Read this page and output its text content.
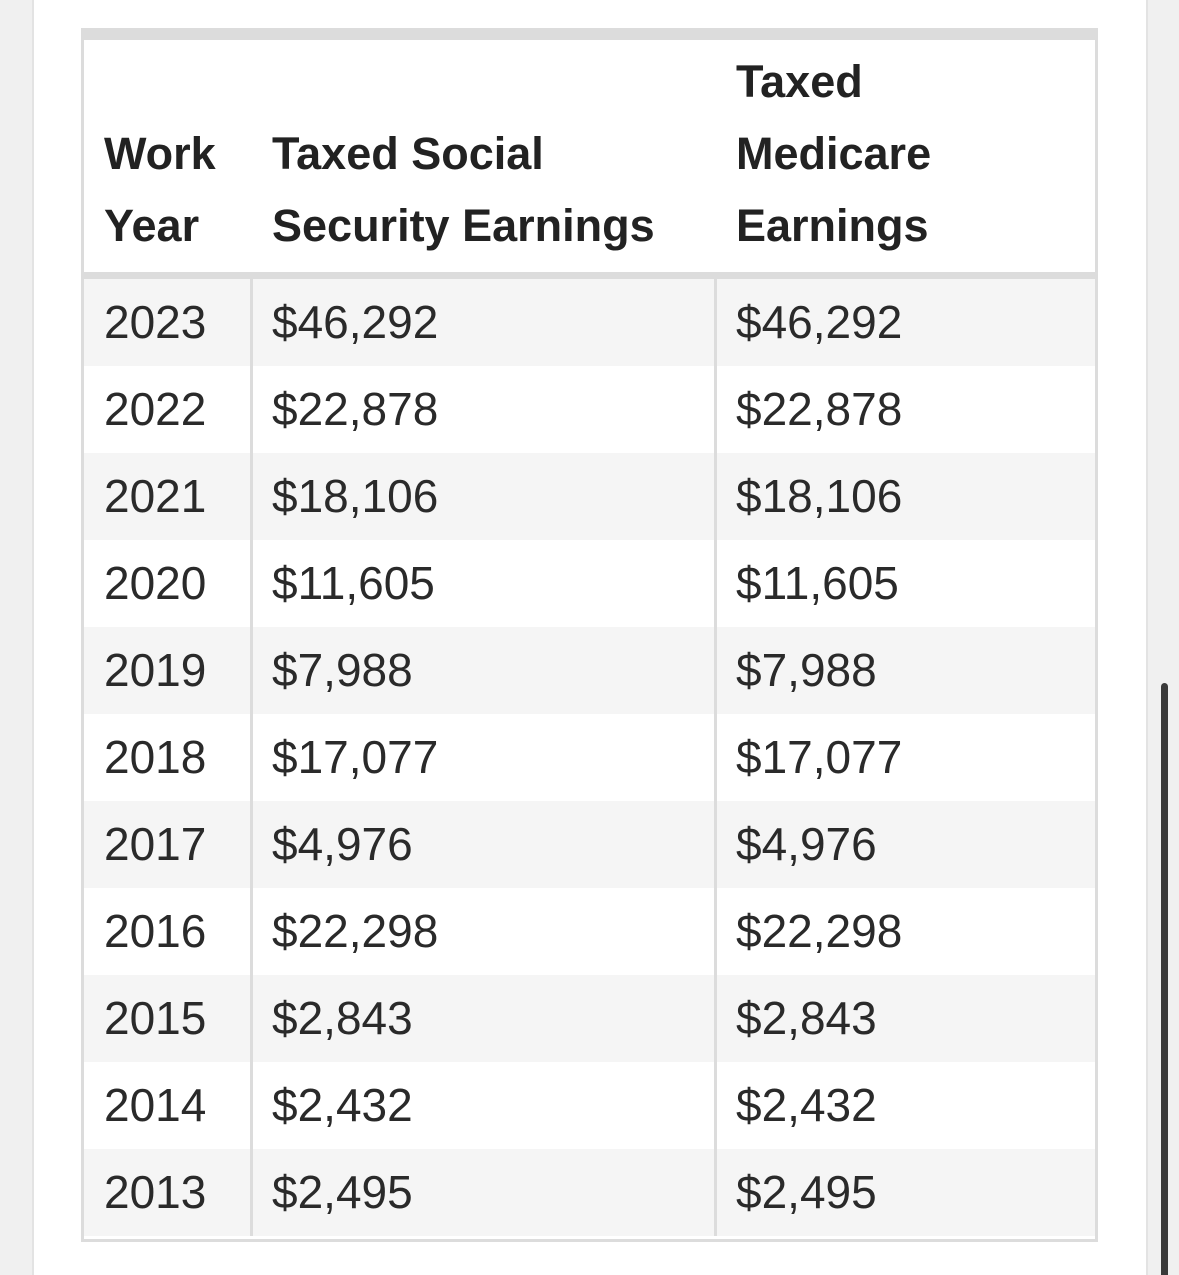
Work
Year
Taxed Social
Security Earnings
Taxed
Medicare
Earnings
2023 $46,292	$46,292
2022 $22,878	$22,878
2021 $18,106	$18,106
2020 $11,605	$11,605
2019 $7,988	$7,988
2018 $17,077	$17,077
2017 $4,976	$4,976
2016 $22,298	$22,298
2015 $2,843	$2,843
2014 $2,432	$2,432
2013 $2,495	$2,495
